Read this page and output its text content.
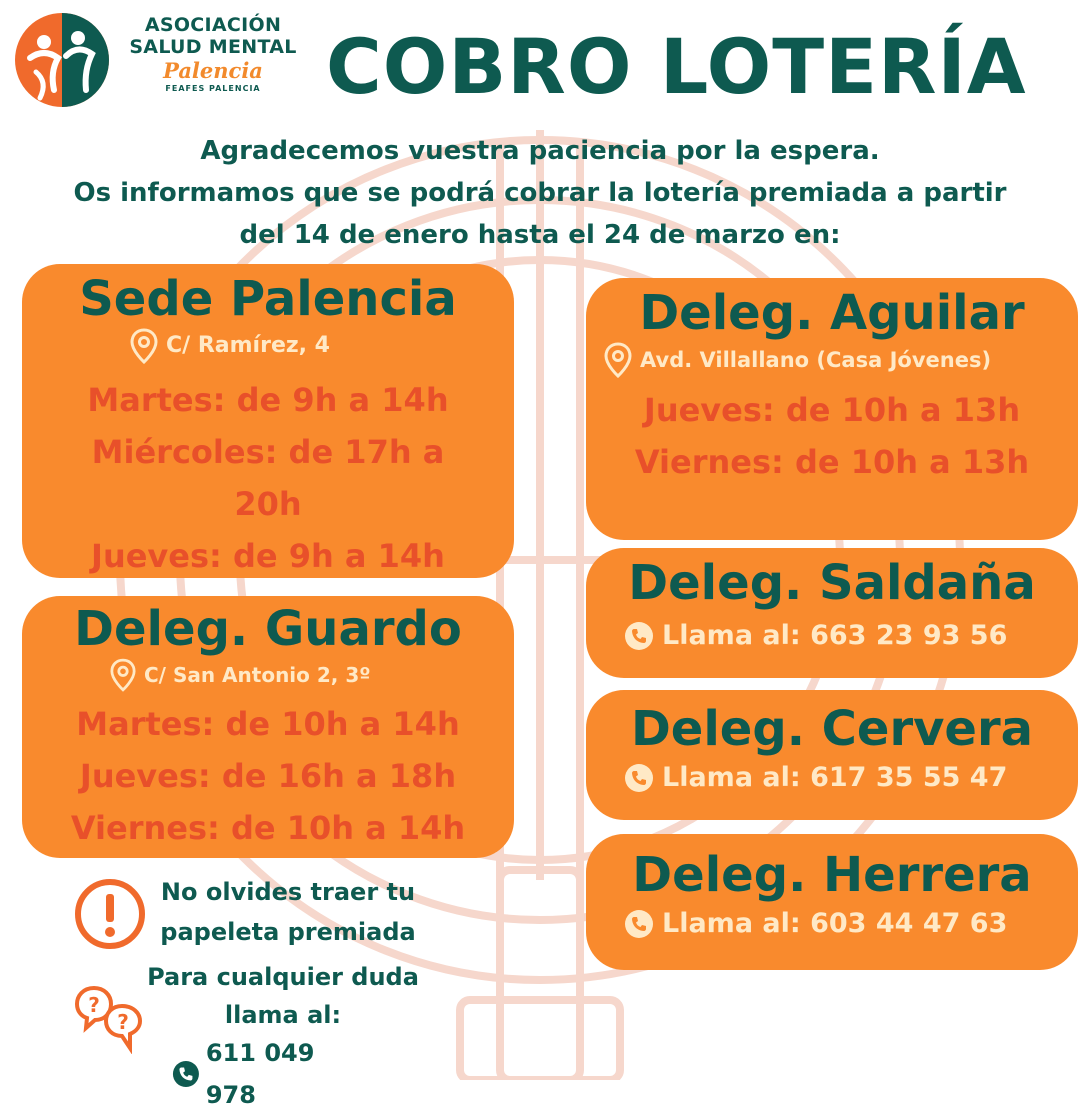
ASOCIACIÓN
SALUD MENTAL
Palencia
FEAFES PALENCIA COBRO LOTERÍA
Agradecemos vuestra paciencia por la espera.
Os informamos que se podrá cobrar la lotería premiada a partir
del 14 de enero hasta el 24 de marzo en:
Sede Palencia
C/ Ramírez, 4
Martes: de 9h a 14h
Miércoles: de 17h a
20h
Jueves: de 9h a 14h
Deleg. Guardo
C/ San Antonio 2, 3º
Martes: de 10h a 14h
Jueves: de 16h a 18h
Viernes: de 10h a 14h
Deleg. Aguilar
Avd. Villallano (Casa Jóvenes)
Jueves: de 10h a 13h
Viernes: de 10h a 13h
Deleg. Saldaña
Llama al: 663 23 93 56
Deleg. Cervera
Llama al: 617 35 55 47
Deleg. Herrera
Llama al: 603 44 47 63
No olvides traer tu
papeleta premiada
?
?
Para cualquier duda
llama al:
611 049 978
